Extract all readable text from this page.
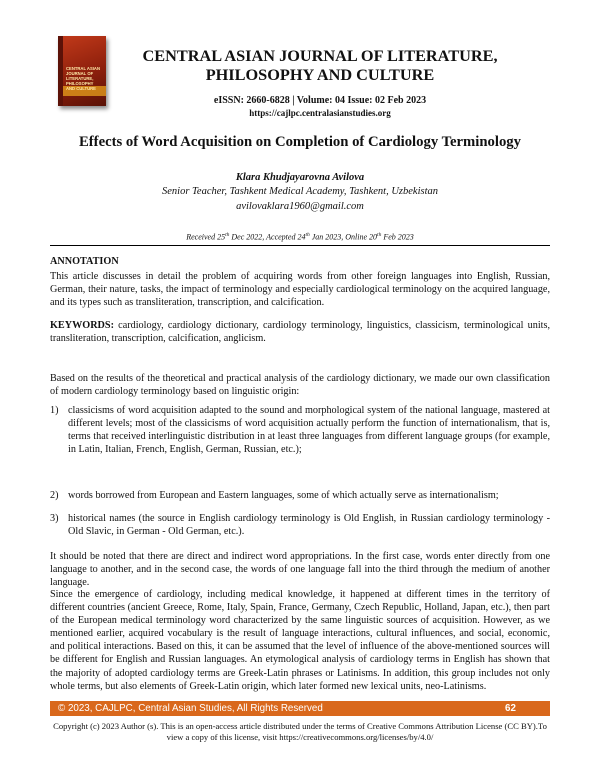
CENTRAL ASIAN JOURNAL OF LITERATURE, PHILOSOPHY AND CULTURE
CENTRAL ASIAN JOURNAL OF LITERATURE,
PHILOSOPHY AND CULTURE
eISSN: 2660-6828 | Volume: 04 Issue: 02 Feb 2023
https://cajlpc.centralasianstudies.org
Effects of Word Acquisition on Completion of Cardiology Terminology
Klara Khudjayarovna Avilova
Senior Teacher, Tashkent Medical Academy, Tashkent, Uzbekistan
avilovaklara1960@gmail.com
Received 25th Dec 2022, Accepted 24th Jan 2023, Online 20th Feb 2023
ANNOTATION
This article discusses in detail the problem of acquiring words from other foreign languages into English, Russian, German, their nature, tasks, the impact of terminology and especially cardiological terminology on the acquired language, and its types such as transliteration, transcription, and calcification.
KEYWORDS: cardiology, cardiology dictionary, cardiology terminology, linguistics, classicism, terminological units, transliteration, transcription, calcification, anglicism.
Based on the results of the theoretical and practical analysis of the cardiology dictionary, we made our own classification of modern cardiology terminology based on linguistic origin:
1) classicisms of word acquisition adapted to the sound and morphological system of the national language, mastered at different levels; most of the classicisms of word acquisition actually perform the function of internationalism, that is, terms that received interlinguistic distribution in at least three languages from different language groups (for example, in Latin, Italian, French, English, German, Russian, etc.);
2) words borrowed from European and Eastern languages, some of which actually serve as internationalism;
3) historical names (the source in English cardiology terminology is Old English, in Russian cardiology terminology - Old Slavic, in German - Old German, etc.).
It should be noted that there are direct and indirect word appropriations. In the first case, words enter directly from one language to another, and in the second case, the words of one language fall into the third through the medium of another language.
Since the emergence of cardiology, including medical knowledge, it happened at different times in the territory of different countries (ancient Greece, Rome, Italy, Spain, France, Germany, Czech Republic, Holland, Japan, etc.), then part of the European medical terminology word characterized by the same linguistic sources of acquisition. However, as we mentioned earlier, acquired vocabulary is the result of language interactions, cultural influences, and social, economic, and political interactions. Based on this, it can be assumed that the level of influence of the above-mentioned sources will be different for English and Russian languages. An etymological analysis of cardiology terms in English has shown that the majority of adopted cardiology terms are Greek-Latin phrases or Latinisms. In addition, this group includes not only whole terms, but also elements of Greek-Latin origin, which later formed new lexical units, neo-Latinisms.
© 2023, CAJLPC, Central Asian Studies, All Rights Reserved	62
Copyright (c) 2023 Author (s). This is an open-access article distributed under the terms of Creative Commons Attribution License (CC BY).To view a copy of this license, visit https://creativecommons.org/licenses/by/4.0/
